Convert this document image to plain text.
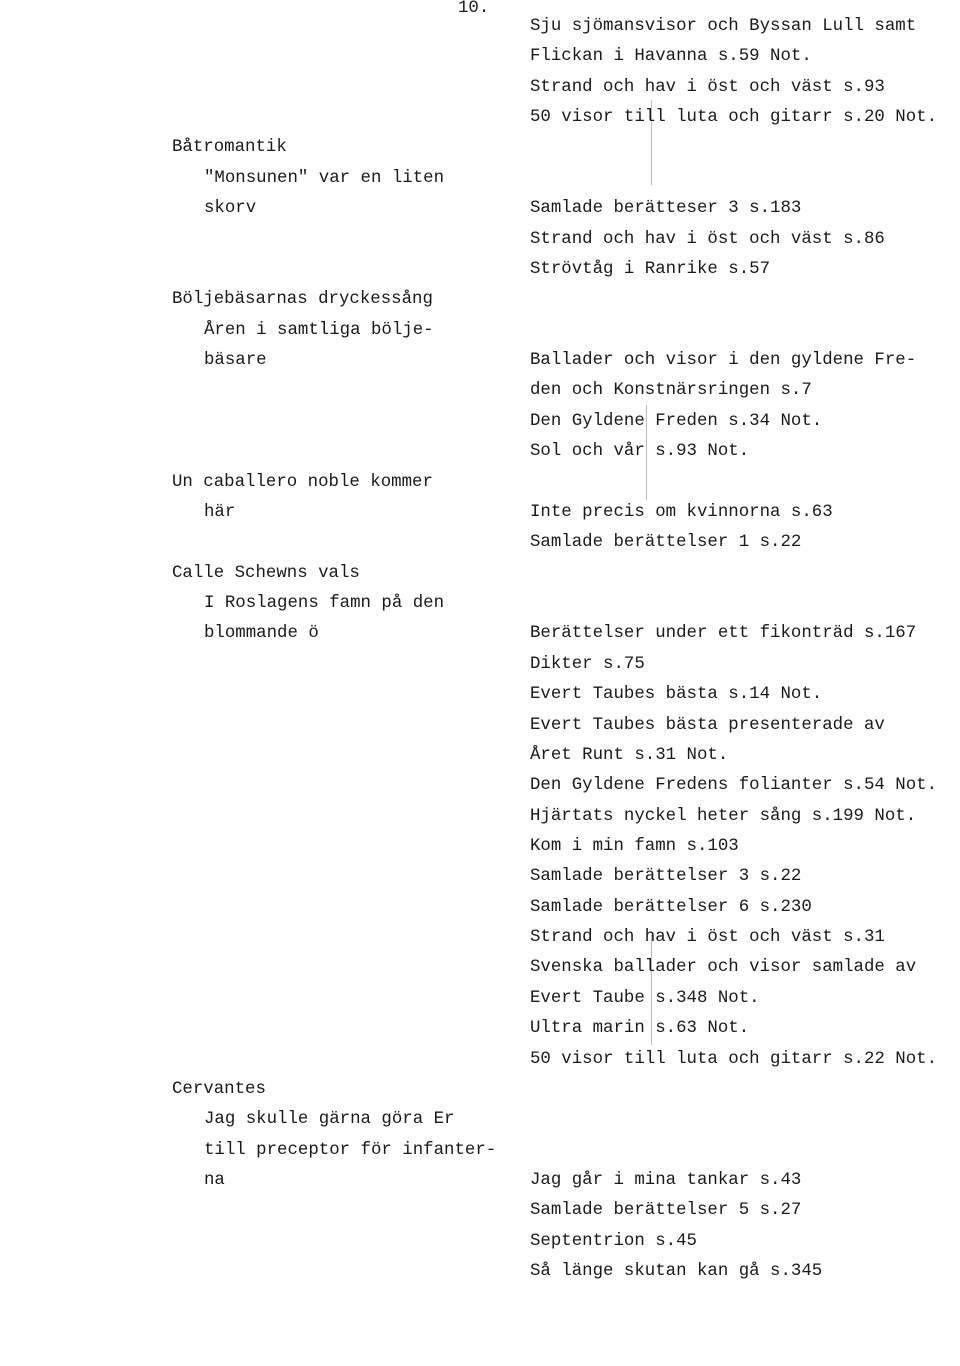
10.
Båtromantik
"Monsunen" var en liten
skorv
Böljebäsarnas dryckessång
Åren i samtliga bölje-
bäsare
Un caballero noble kommer
här
Calle Schewns vals
I Roslagens famn på den
blommande ö
Cervantes
Jag skulle gärna göra Er
till preceptor för infanter-
na
Sju sjömansvisor och Byssan Lull samt
Flickan i Havanna s.59 Not.
Strand och hav i öst och väst s.93
50 visor till luta och gitarr s.20 Not.
Samlade berätteser 3 s.183
Strand och hav i öst och väst s.86
Strövtåg i Ranrike s.57
Ballader och visor i den gyldene Fre-
den och Konstnärsringen s.7
Den Gyldene Freden s.34 Not.
Sol och vår s.93 Not.
Inte precis om kvinnorna s.63
Samlade berättelser 1 s.22
Berättelser under ett fikonträd s.167
Dikter s.75
Evert Taubes bästa s.14 Not.
Evert Taubes bästa presenterade av
Året Runt s.31 Not.
Den Gyldene Fredens folianter s.54 Not.
Hjärtats nyckel heter sång s.199 Not.
Kom i min famn s.103
Samlade berättelser 3 s.22
Samlade berättelser 6 s.230
Strand och hav i öst och väst s.31
Svenska ballader och visor samlade av
Evert Taube s.348 Not.
Ultra marin s.63 Not.
50 visor till luta och gitarr s.22 Not.
Jag går i mina tankar s.43
Samlade berättelser 5 s.27
Septentrion s.45
Så länge skutan kan gå s.345
